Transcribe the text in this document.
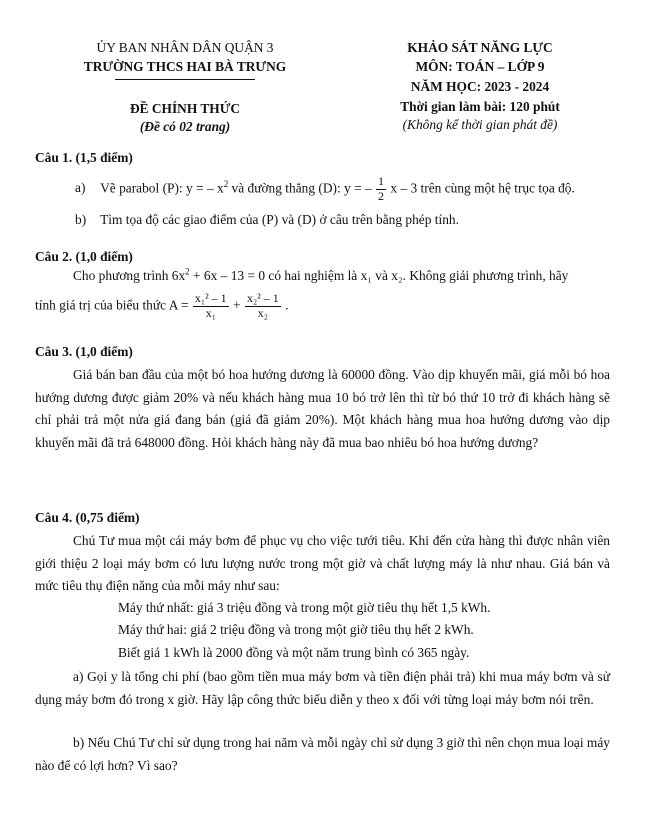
ỦY BAN NHÂN DÂN QUẬN 3
TRƯỜNG THCS HAI BÀ TRƯNG
ĐỀ CHÍNH THỨC
(Đề có 02 trang)
KHẢO SÁT NĂNG LỰC
MÔN: TOÁN – LỚP 9
NĂM HỌC: 2023 - 2024
Thời gian làm bài: 120 phút
(Không kể thời gian phát đề)
Câu 1. (1,5 điểm)
a) Vẽ parabol (P): y = – $x^2$ và đường thẳng (D): y = – $\frac{1}{2}$ x – 3 trên cùng một hệ trục tọa độ.
b) Tìm tọa độ các giao điểm của (P) và (D) ở câu trên bằng phép tính.
Câu 2. (1,0 điểm)
Cho phương trình $6x^2 + 6x - 13 = 0$ có hai nghiệm là x₁ và x₂. Không giải phương trình, hãy
tính giá trị của biểu thức $A = \frac{\text{x₁² – 1}}{\text{x₁}} + \frac{\text{x₂² – 1}}{\text{x₂}}$ .
Câu 3. (1,0 điểm)
Giá bán ban đầu của một bó hoa hướng dương là 60000 đồng. Vào dịp khuyến mãi, giá mỗi bó hoa hướng dương được giảm 20% và nếu khách hàng mua 10 bó trở lên thì từ bó thứ 10 trở đi khách hàng sẽ chỉ phải trả một nửa giá đang bán (giá đã giảm 20%). Một khách hàng mua hoa hướng dương vào dịp khuyến mãi đã trả 648000 đồng. Hỏi khách hàng này đã mua bao nhiêu bó hoa hướng dương?
Câu 4. (0,75 điểm)
Chú Tư mua một cái máy bơm để phục vụ cho việc tưới tiêu. Khi đến cửa hàng thì được nhân viên giới thiệu 2 loại máy bơm có lưu lượng nước trong một giờ và chất lượng máy là như nhau. Giá bán và mức tiêu thụ điện năng của mỗi máy như sau:
Máy thứ nhất: giá 3 triệu đồng và trong một giờ tiêu thụ hết 1,5 kWh.
Máy thứ hai: giá 2 triệu đồng và trong một giờ tiêu thụ hết 2 kWh.
Biết giá 1 kWh là 2000 đồng và một năm trung bình có 365 ngày.
a) Gọi y là tổng chi phí (bao gồm tiền mua máy bơm và tiền điện phải trả) khi mua máy bơm và sử dụng máy bơm đó trong x giờ. Hãy lập công thức biểu diễn y theo x đối với từng loại máy bơm nói trên.
b) Nếu Chú Tư chỉ sử dụng trong hai năm và mỗi ngày chỉ sử dụng 3 giờ thì nên chọn mua loại máy nào để có lợi hơn? Vì sao?
